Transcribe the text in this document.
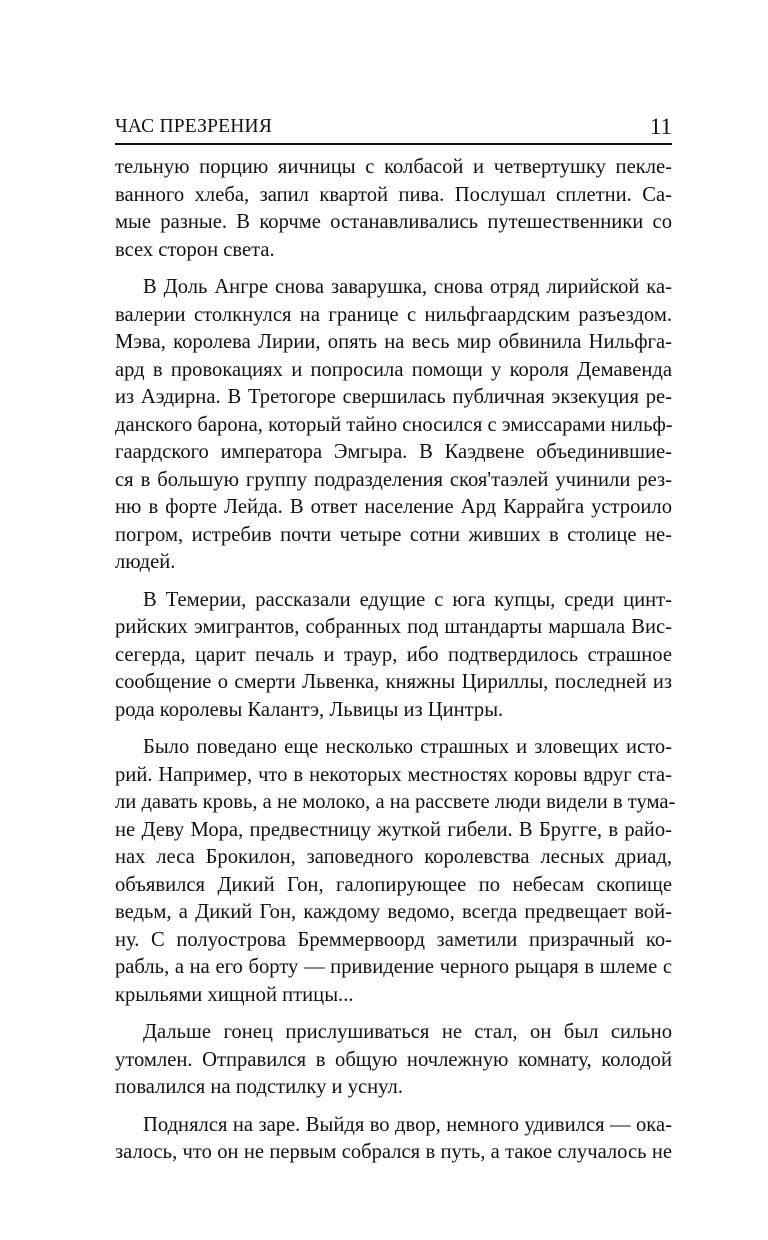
ЧАС ПРЕЗРЕНИЯ	11
тельную порцию яичницы с колбасой и четвертушку пекле-
ванного хлеба, запил квартой пива. Послушал сплетни. Са-
мые разные. В корчме останавливались путешественники со
всех сторон света.
В Доль Ангре снова заварушка, снова отряд лирийской ка-
валерии столкнулся на границе с нильфгаардским разъездом.
Мэва, королева Лирии, опять на весь мир обвинила Нильфга-
ард в провокациях и попросила помощи у короля Демавенда
из Аэдирна. В Третогоре свершилась публичная экзекуция ре-
данского барона, который тайно сносился с эмиссарами нильф-
гаардского императора Эмгыра. В Каэдвене объединившие-
ся в большую группу подразделения скоя'таэлей учинили рез-
ню в форте Лейда. В ответ население Ард Каррайга устроило
погром, истребив почти четыре сотни живших в столице не-
людей.
В Темерии, рассказали едущие с юга купцы, среди цинт-
рийских эмигрантов, собранных под штандарты маршала Вис-
сегерда, царит печаль и траур, ибо подтвердилось страшное
сообщение о смерти Львенка, княжны Цириллы, последней из
рода королевы Калантэ, Львицы из Цинтры.
Было поведано еще несколько страшных и зловещих исто-
рий. Например, что в некоторых местностях коровы вдруг ста-
ли давать кровь, а не молоко, а на рассвете люди видели в тума-
не Деву Мора, предвестницу жуткой гибели. В Бругге, в райо-
нах леса Брокилон, заповедного королевства лесных дриад,
объявился Дикий Гон, галопирующее по небесам скопище
ведьм, а Дикий Гон, каждому ведомо, всегда предвещает вой-
ну. С полуострова Бреммервоорд заметили призрачный ко-
рабль, а на его борту — привидение черного рыцаря в шлеме с
крыльями хищной птицы...
Дальше гонец прислушиваться не стал, он был сильно
утомлен. Отправился в общую ночлежную комнату, колодой
повалился на подстилку и уснул.
Поднялся на заре. Выйдя во двор, немного удивился — ока-
залось, что он не первым собрался в путь, а такое случалось не
